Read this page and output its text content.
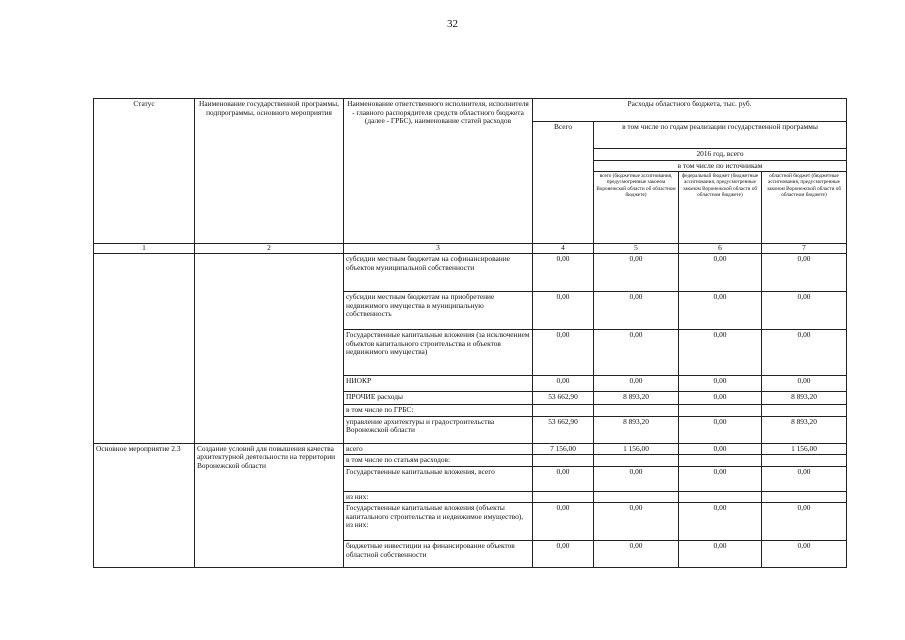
32
Статус	Наименование государственной программы, подпрограммы, основного мероприятия	Наименование ответственного исполнителя, исполнителя - главного распорядителя средств областного бюджета (далее - ГРБС), наименование статей расходов	Расходы областного бюджета, тыс. руб.			
			Всего	в том числе по годам реализации государственной программы		
				2016 год, всего		
				в том числе по источникам		
				всего (бюджетные ассигнования, предусмотренные законом Воронежской области об областном бюджете)	федеральный бюджет (бюджетные ассигнования, предусмотренные законом Воронежской области об областном бюджете)	областной бюджет (бюджетные ассигнования, предусмотренные законом Воронежской области об областном бюджете)
1	2	3	4	5	6	7
		субсидии местным бюджетам на софинансирование объектов муниципальной собственности	0,00	0,00	0,00	0,00
		субсидии местным бюджетам на приобретение недвижимого имущества в муниципальную собственность	0,00	0,00	0,00	0,00
		Государственные капитальные вложения (за исключением объектов капитального строительства и объектов недвижимого имущества)	0,00	0,00	0,00	0,00
		НИОКР	0,00	0,00	0,00	0,00
		ПРОЧИЕ расходы	53 662,90	8 893,20	0,00	8 893,20
		в том числе по ГРБС:				
		управление архитектуры и градостроительства Воронежской области	53 662,90	8 893,20	0,00	8 893,20
Основное мероприятие 2.3	Создание условий для повышения качества архитектурной деятельности на территории Воронежской области	всего	7 156,00	1 156,00	0,00	1 156,00
		в том числе по статьям расходов:				
		Государственные капитальные вложения, всего	0,00	0,00	0,00	0,00
		из них:				
		Государственные капитальные вложения (объекты капитального строительства и недвижимое имущество), из них:	0,00	0,00	0,00	0,00
		бюджетные инвестиции на финансирование объектов областной собственности	0,00	0,00	0,00	0,00
